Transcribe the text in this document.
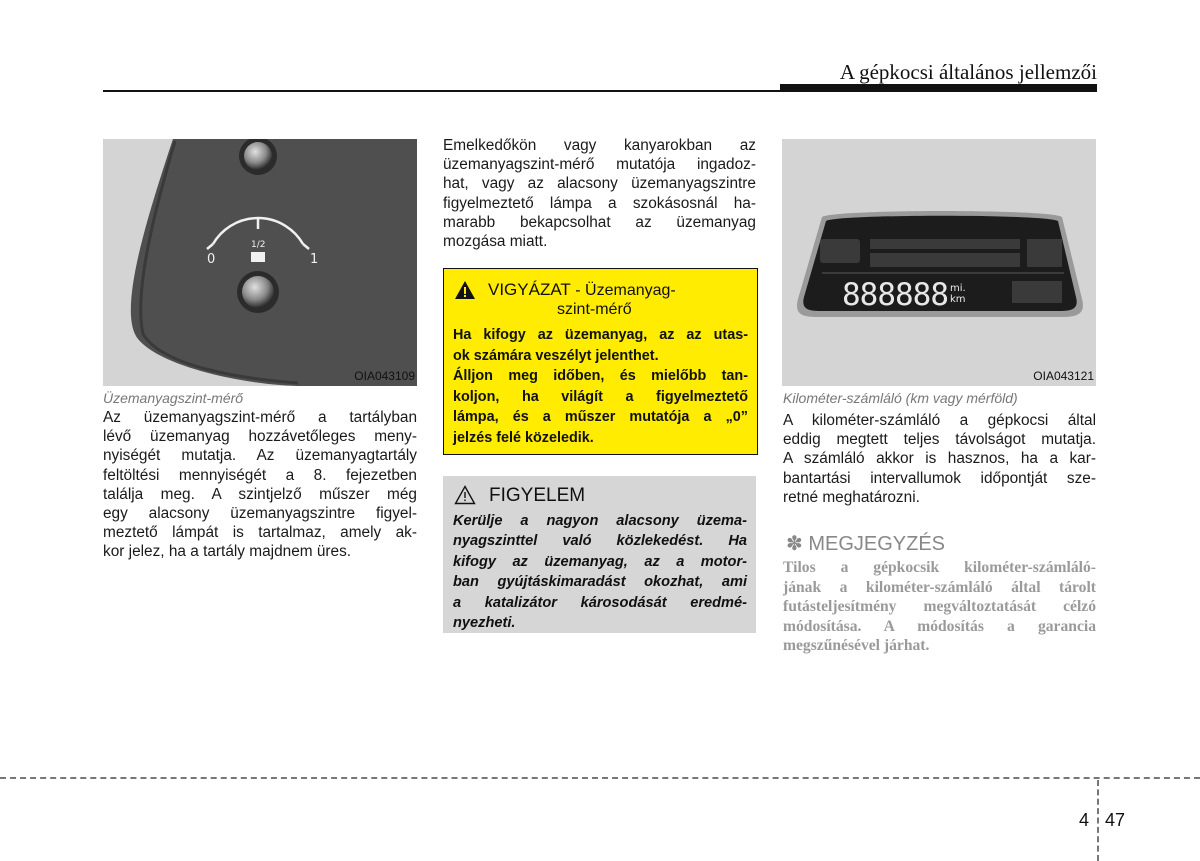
A gépkocsi általános jellemzői
0
1/2
1
OIA043109
Üzemanyagszint-mérő
Az üzemanyagszint-mérő a tartályban
lévő üzemanyag hozzávetőleges meny-
nyiségét mutatja. Az üzemanyagtartály
feltöltési mennyiségét a 8. fejezetben
találja meg. A szintjelző műszer még
egy alacsony üzemanyagszintre figyel-
meztető lámpát is tartalmaz, amely ak-
kor jelez, ha a tartály majdnem üres.
Emelkedőkön vagy kanyarokban az
üzemanyagszint-mérő mutatója ingadoz-
hat, vagy az alacsony üzemanyagszintre
figyelmeztető lámpa a szokásosnál ha-
marabb bekapcsolhat az üzemanyag
mozgása miatt.
VIGYÁZAT - Üzemanyag-
szint-mérő
Ha kifogy az üzemanyag, az az utas-
ok számára veszélyt jelenthet.
Álljon meg időben, és mielőbb tan-
koljon, ha világít a figyelmeztető
lámpa, és a műszer mutatója a „0”
jelzés felé közeledik.
FIGYELEM
Kerülje a nagyon alacsony üzema-
nyagszinttel való közlekedést. Ha
kifogy az üzemanyag, az a motor-
ban gyújtáskimaradást okozhat, ami
a katalizátor károsodását eredmé-
nyezheti.
888888 mi.
km
OIA043121
Kilométer-számláló (km vagy mérföld)
A kilométer-számláló a gépkocsi által
eddig megtett teljes távolságot mutatja.
A számláló akkor is hasznos, ha a kar-
bantartási intervallumok időpontját sze-
retné meghatározni.
✽ MEGJEGYZÉS
Tilos a gépkocsik kilométer-számláló-
jának a kilométer-számláló által tárolt
futásteljesítmény megváltoztatását célzó
módosítása. A módosítás a garancia
megszűnésével járhat.
4 47
